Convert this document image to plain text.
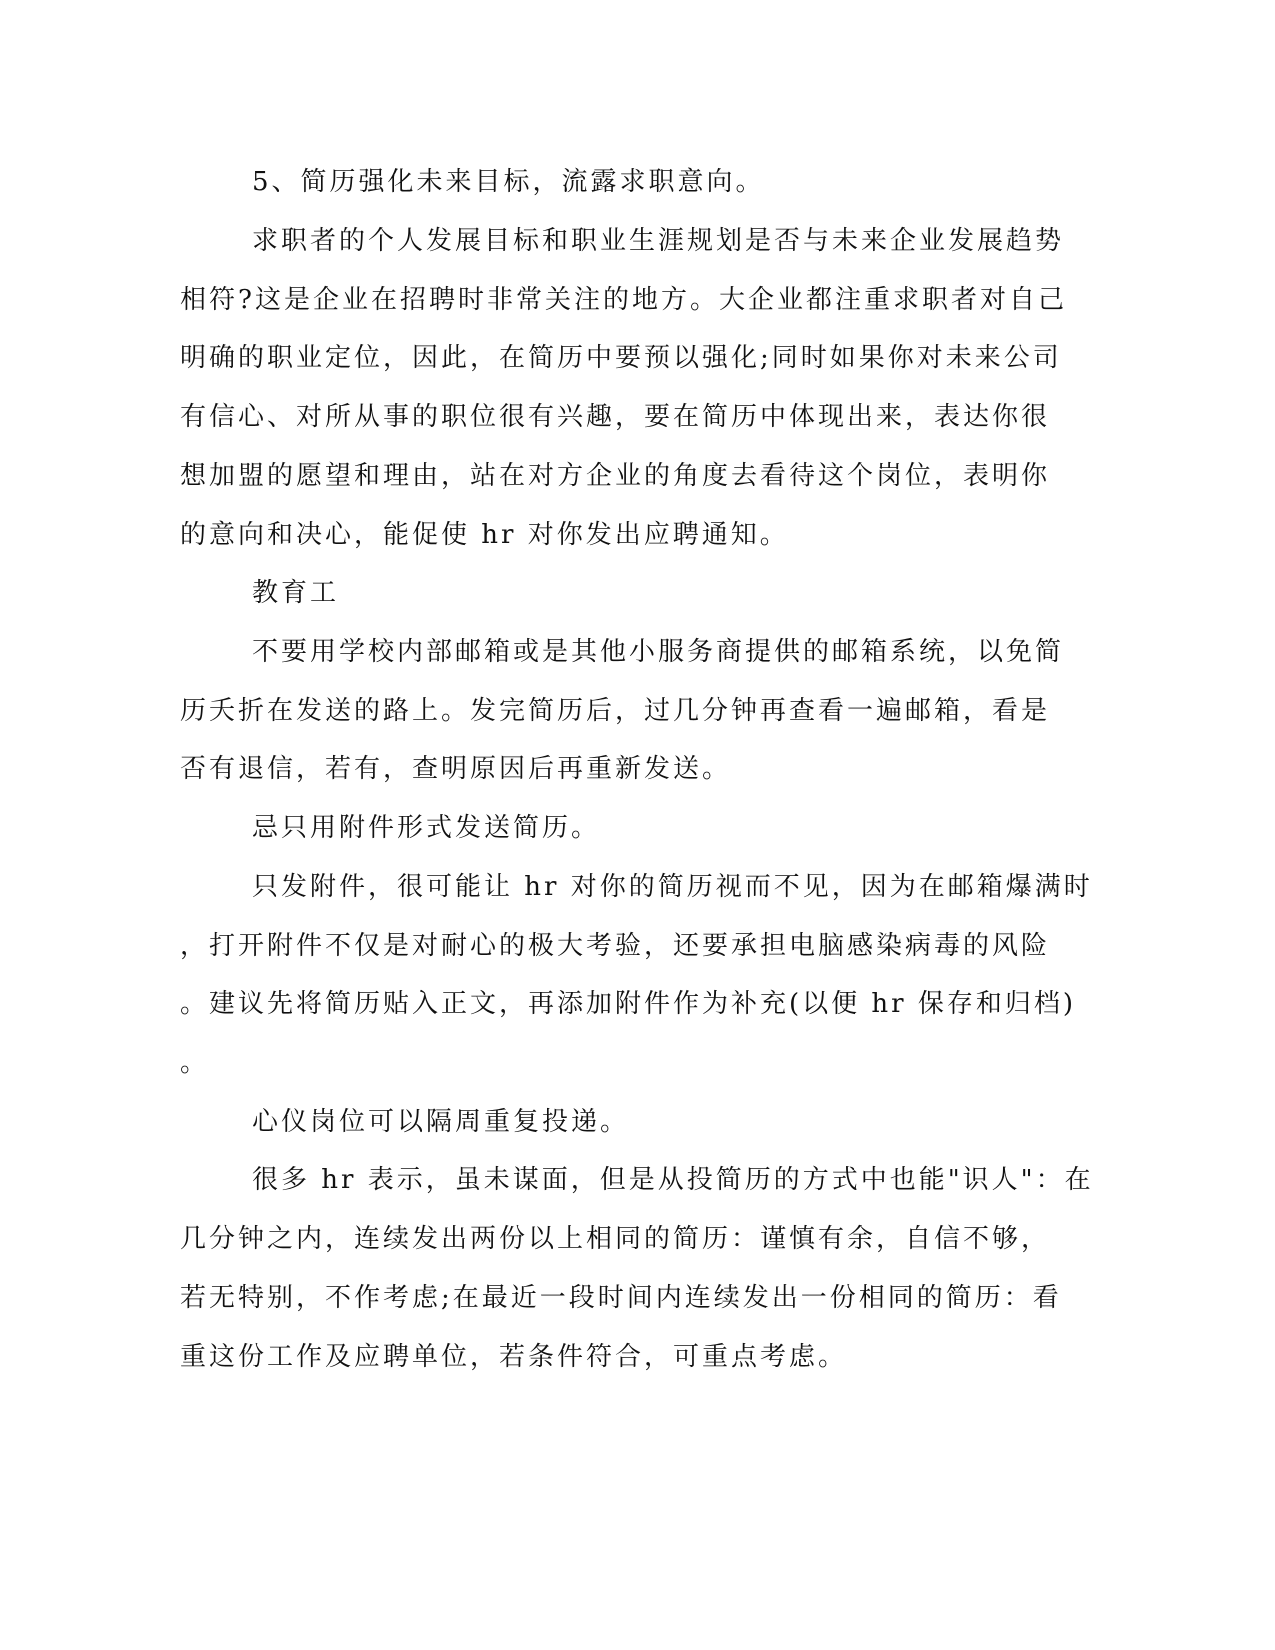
5、简历强化未来目标，流露求职意向。
求职者的个人发展目标和职业生涯规划是否与未来企业发展趋势
相符?这是企业在招聘时非常关注的地方。大企业都注重求职者对自己
明确的职业定位，因此，在简历中要预以强化;同时如果你对未来公司
有信心、对所从事的职位很有兴趣，要在简历中体现出来，表达你很
想加盟的愿望和理由，站在对方企业的角度去看待这个岗位，表明你
的意向和决心，能促使 hr 对你发出应聘通知。
教育工
不要用学校内部邮箱或是其他小服务商提供的邮箱系统，以免简
历夭折在发送的路上。发完简历后，过几分钟再查看一遍邮箱，看是
否有退信，若有，查明原因后再重新发送。
忌只用附件形式发送简历。
只发附件，很可能让 hr 对你的简历视而不见，因为在邮箱爆满时
，打开附件不仅是对耐心的极大考验，还要承担电脑感染病毒的风险
。建议先将简历贴入正文，再添加附件作为补充(以便 hr 保存和归档)
。
心仪岗位可以隔周重复投递。
很多 hr 表示，虽未谋面，但是从投简历的方式中也能"识人"：在
几分钟之内，连续发出两份以上相同的简历：谨慎有余，自信不够，
若无特别，不作考虑;在最近一段时间内连续发出一份相同的简历：看
重这份工作及应聘单位，若条件符合，可重点考虑。
